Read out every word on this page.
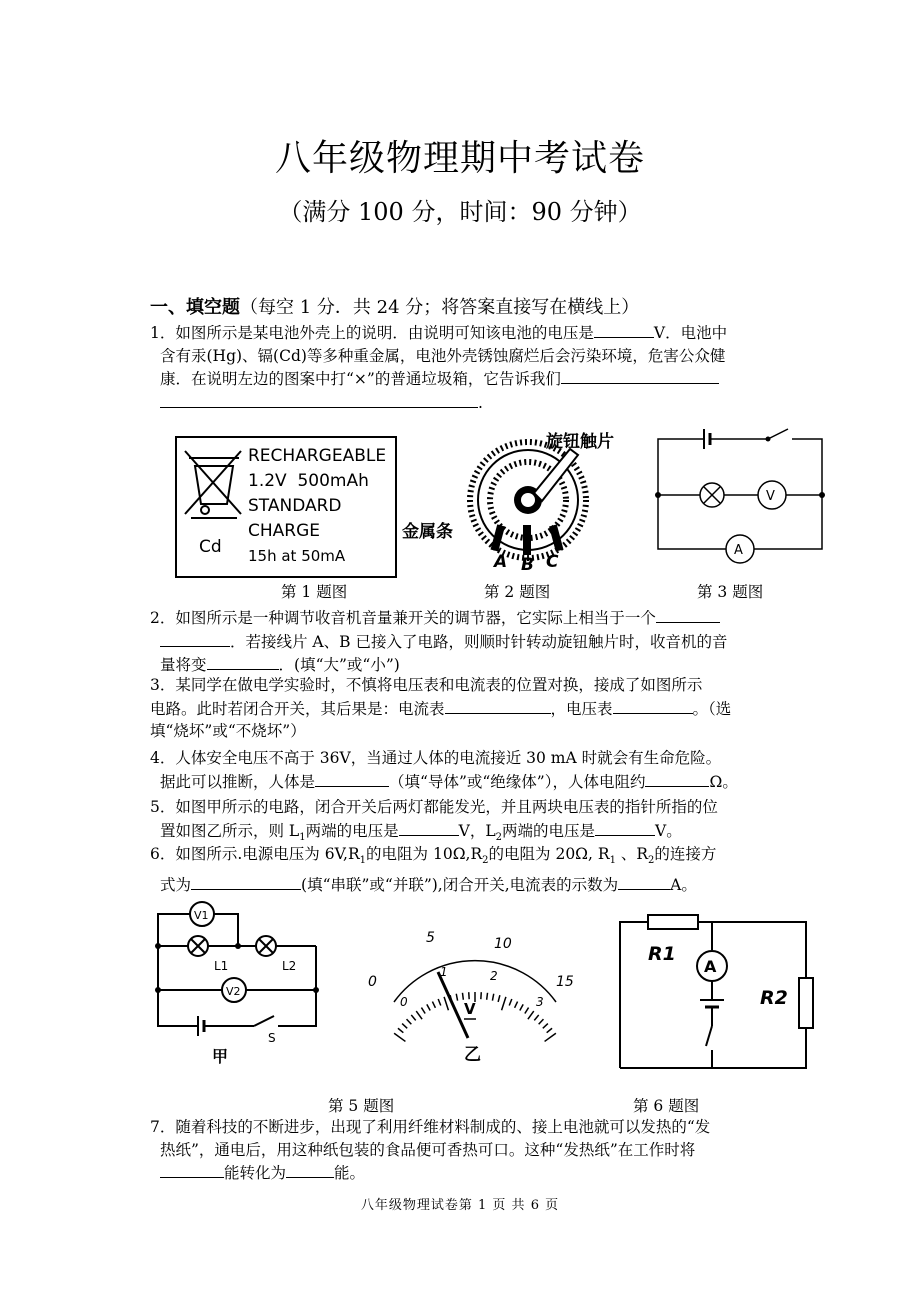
八年级物理期中考试卷
（满分 100 分，时间：90 分钟）
一、填空题（每空 1 分．共 24 分；将答案直接写在横线上）
1．如图所示是某电池外壳上的说明．由说明可知该电池的电压是	V．电池中
含有汞(Hg)、镉(Cd)等多种重金属，电池外壳锈蚀腐烂后会污染环境，危害公众健
康．在说明左边的图案中打“×”的普通垃圾箱，它告诉我们
.
RECHARGEABLE
1.2V 500mAh
STANDARD
CHARGE
15h at 50mA
Cd
第 1 题图
旋钮触片
金属条
A B C
第 2 题图
V
A
第 3 题图
2．如图所示是一种调节收音机音量兼开关的调节器，它实际上相当于一个
．若接线片 A、B 已接入了电路，则顺时针转动旋钮触片时，收音机的音
量将变	．(填“大”或“小”)
3．某同学在做电学实验时，不慎将电压表和电流表的位置对换，接成了如图所示
电路。此时若闭合开关，其后果是：电流表	，电压表	。（选
填“烧坏”或“不烧坏”）
4．人体安全电压不高于 36V，当通过人体的电流接近 30 mA 时就会有生命危险。
据此可以推断，人体是	（填“导体”或“绝缘体”），人体电阻约	Ω。
5．如图甲所示的电路，闭合开关后两灯都能发光，并且两块电压表的指针所指的位
置如图乙所示，则 $L_1$两端的电压是	V，$L_2$两端的电压是	V。
6．如图所示.电源电压为 $6V,R_1$的电阻为 $10\Omega,R_2$的电阻为 20Ω, $R_1$ 、$R_2$的连接方
式为	(填“串联”或“并联”),闭合开关,电流表的示数为	A。
V1
V2
L1	L2
S
甲
0
5	10
15
0
1	2
3
V
乙
第 5 题图
R1
R2
A
第 6 题图
7．随着科技的不断进步，出现了利用纤维材料制成的、接上电池就可以发热的“发
热纸”，通电后，用这种纸包装的食品便可香热可口。这种“发热纸”在工作时将
能转化为	能。
八年级物理试卷第 1 页 共 6 页
